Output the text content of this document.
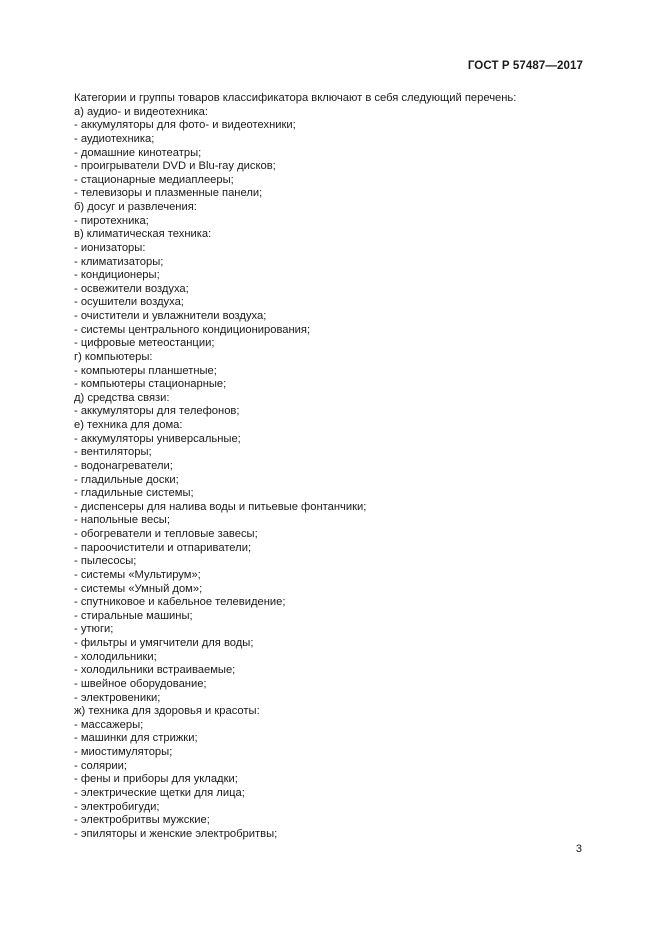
ГОСТ Р 57487—2017
Категории и группы товаров классификатора включают в себя следующий перечень:
а) аудио- и видеотехника:
- аккумуляторы для фото- и видеотехники;
- аудиотехника;
- домашние кинотеатры;
- проигрыватели DVD и Blu-ray дисков;
- стационарные медиаплееры;
- телевизоры и плазменные панели;
б) досуг и развлечения:
- пиротехника;
в) климатическая техника:
- ионизаторы:
- климатизаторы;
- кондиционеры;
- освежители воздуха;
- осушители воздуха;
- очистители и увлажнители воздуха;
- системы центрального кондиционирования;
- цифровые метеостанции;
г) компьютеры:
- компьютеры планшетные;
- компьютеры стационарные;
д) средства связи:
- аккумуляторы для телефонов;
е) техника для дома:
- аккумуляторы универсальные;
- вентиляторы;
- водонагреватели;
- гладильные доски;
- гладильные системы;
- диспенсеры для налива воды и питьевые фонтанчики;
- напольные весы;
- обогреватели и тепловые завесы;
- пароочистители и отпариватели;
- пылесосы;
- системы «Мультирум»;
- системы «Умный дом»;
- спутниковое и кабельное телевидение;
- стиральные машины;
- утюги;
- фильтры и умягчители для воды;
- холодильники;
- холодильники встраиваемые;
- швейное оборудование;
- электровеники;
ж) техника для здоровья и красоты:
- массажеры;
- машинки для стрижки;
- миостимуляторы;
- солярии;
- фены и приборы для укладки;
- электрические щетки для лица;
- электробигуди;
- электробритвы мужские;
- эпиляторы и женские электробритвы;
3
